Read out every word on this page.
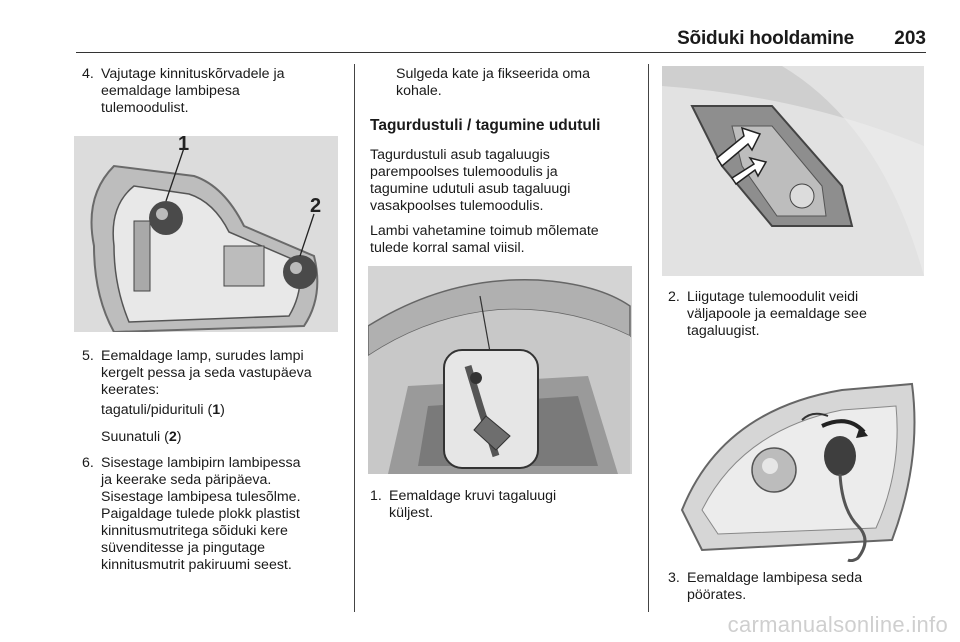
Sõiduki hooldamine 203
4. Vajutage kinnituskõrvadele ja
eemaldage lambipesa
tulemoodulist.
1
2
5. Eemaldage lamp, surudes lampi
kergelt pessa ja seda vastupäeva
keerates:
tagatuli/pidurituli (1)
Suunatuli (2)
6. Sisestage lambipirn lambipessa
ja keerake seda päripäeva.
Sisestage lambipesa tulesõlme.
Paigaldage tulede plokk plastist
kinnitusmutritega sõiduki kere
süvenditesse ja pingutage
kinnitusmutrit pakiruumi seest.
Sulgeda kate ja fikseerida oma
kohale.
Tagurdustuli / tagumine udutuli
Tagurdustuli asub tagaluugis
parempoolses tulemoodulis ja
tagumine udutuli asub tagaluugi
vasakpoolses tulemoodulis.
Lambi vahetamine toimub mõlemate
tulede korral samal viisil.
1. Eemaldage kruvi tagaluugi
küljest.
2. Liigutage tulemoodulit veidi
väljapoole ja eemaldage see
tagaluugist.
3. Eemaldage lambipesa seda
pöörates.
carmanualsonline.info
